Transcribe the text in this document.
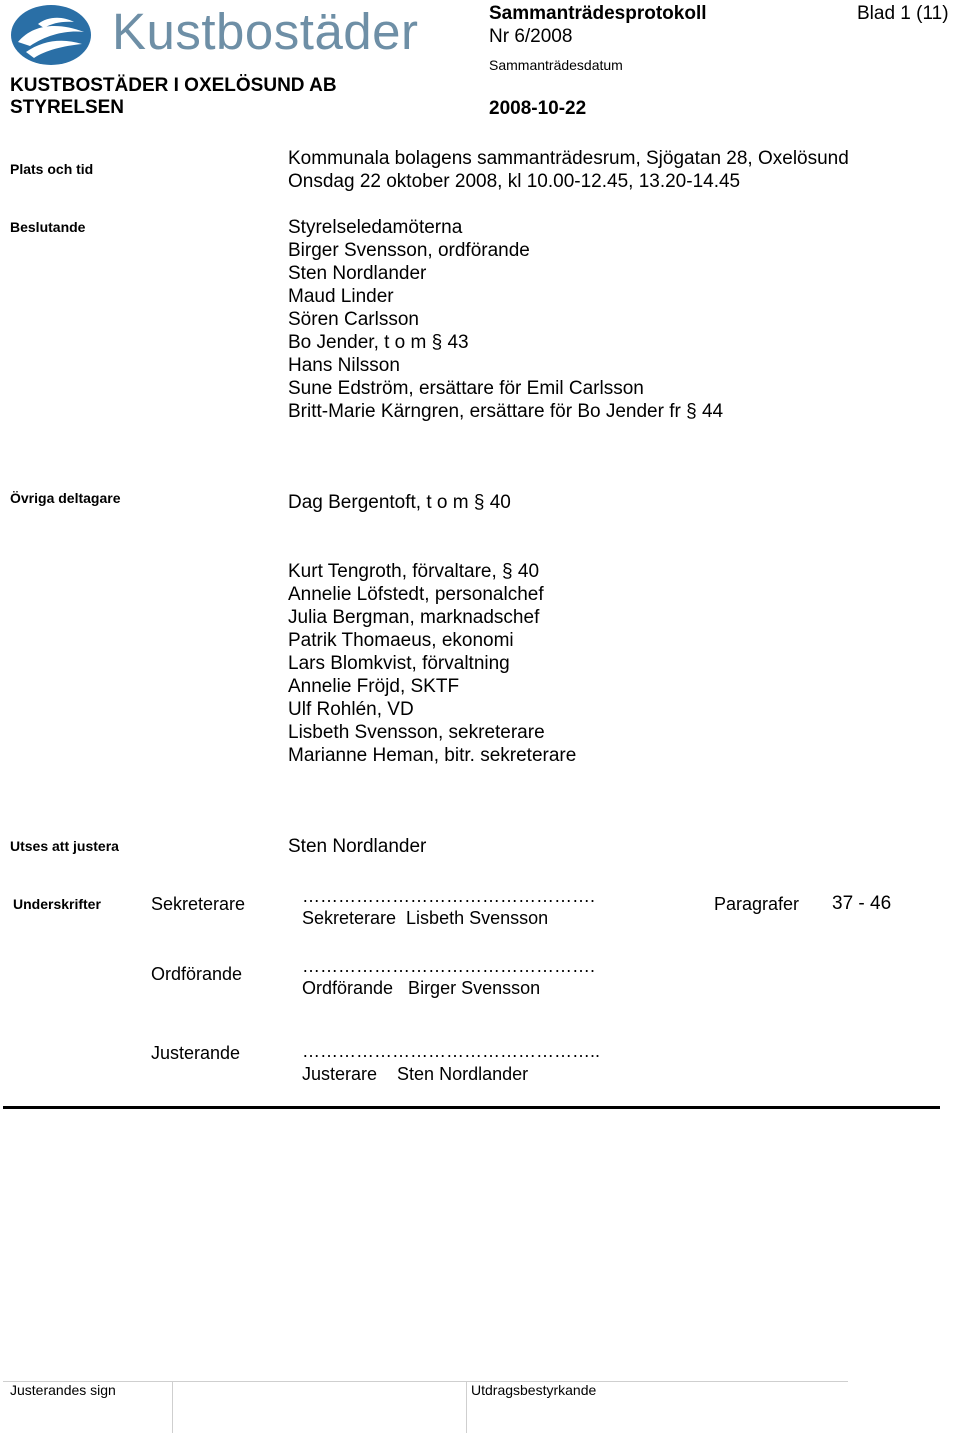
Kustbostäder
KUSTBOSTÄDER I OXELÖSUND AB
STYRELSEN
Sammanträdesprotokoll
Nr 6/2008
Sammanträdesdatum
2008-10-22
Blad 1 (11)
Plats och tid	Kommunala bolagens sammanträdesrum, Sjögatan 28, Oxelösund
Onsdag 22 oktober 2008, kl 10.00-12.45, 13.20-14.45
Beslutande	Styrelseledamöterna
Birger Svensson, ordförande
Sten Nordlander
Maud Linder
Sören Carlsson
Bo Jender, t o m § 43
Hans Nilsson
Sune Edström, ersättare för Emil Carlsson
Britt-Marie Kärngren, ersättare för Bo Jender fr § 44
Övriga deltagare	Dag Bergentoft, t o m § 40
Kurt Tengroth, förvaltare, § 40
Annelie Löfstedt, personalchef
Julia Bergman, marknadschef
Patrik Thomaeus, ekonomi
Lars Blomkvist, förvaltning
Annelie Fröjd, SKTF
Ulf Rohlén, VD
Lisbeth Svensson, sekreterare
Marianne Heman, bitr. sekreterare
Utses att justera	Sten Nordlander
Underskrifter	Sekreterare	………………………………………….
Sekreterare  Lisbeth Svensson
Paragrafer 37 - 46
Ordförande	………………………………………….
Ordförande   Birger Svensson
Justerande	…………………………………………..
Justerare    Sten Nordlander
Justerandes sign	Utdragsbestyrkande
